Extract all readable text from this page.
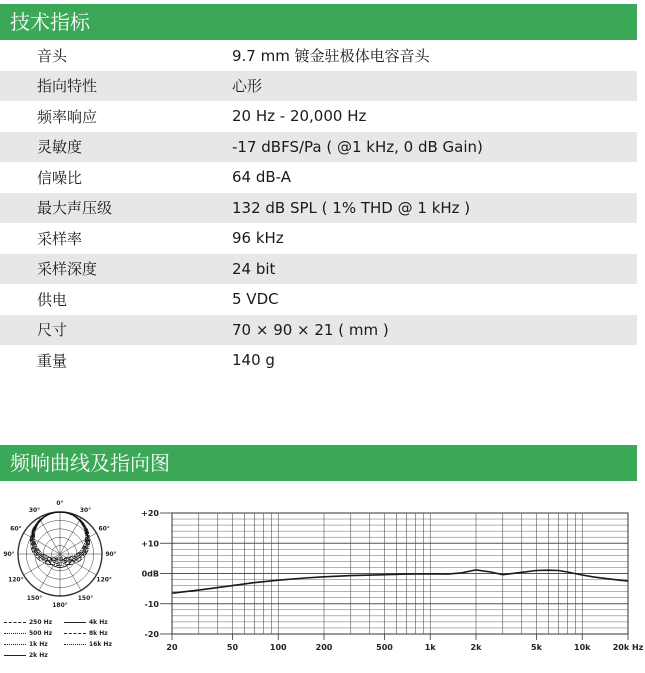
技术指标
音头	9.7 mm 镀金驻极体电容音头
指向特性	心形
频率响应	20 Hz - 20,000 Hz
灵敏度	-17 dBFS/Pa ( @1 kHz, 0 dB Gain)
信噪比	64 dB-A
最大声压级	132 dB SPL ( 1% THD @ 1 kHz )
采样率	96 kHz
采样深度	24 bit
供电	5 VDC
尺寸	70 × 90 × 21 ( mm )
重量	140 g
频响曲线及指向图
0°
30°	30°
60°	60°
90°	90°
120°	120°
150°	150°
180°
250 Hz	4k Hz
500 Hz	8k Hz
1k Hz	16k Hz
2k Hz
+20
+10
0dB
-10
-20
20	50	100	200	500	1k	2k	5k	10k	20k Hz
